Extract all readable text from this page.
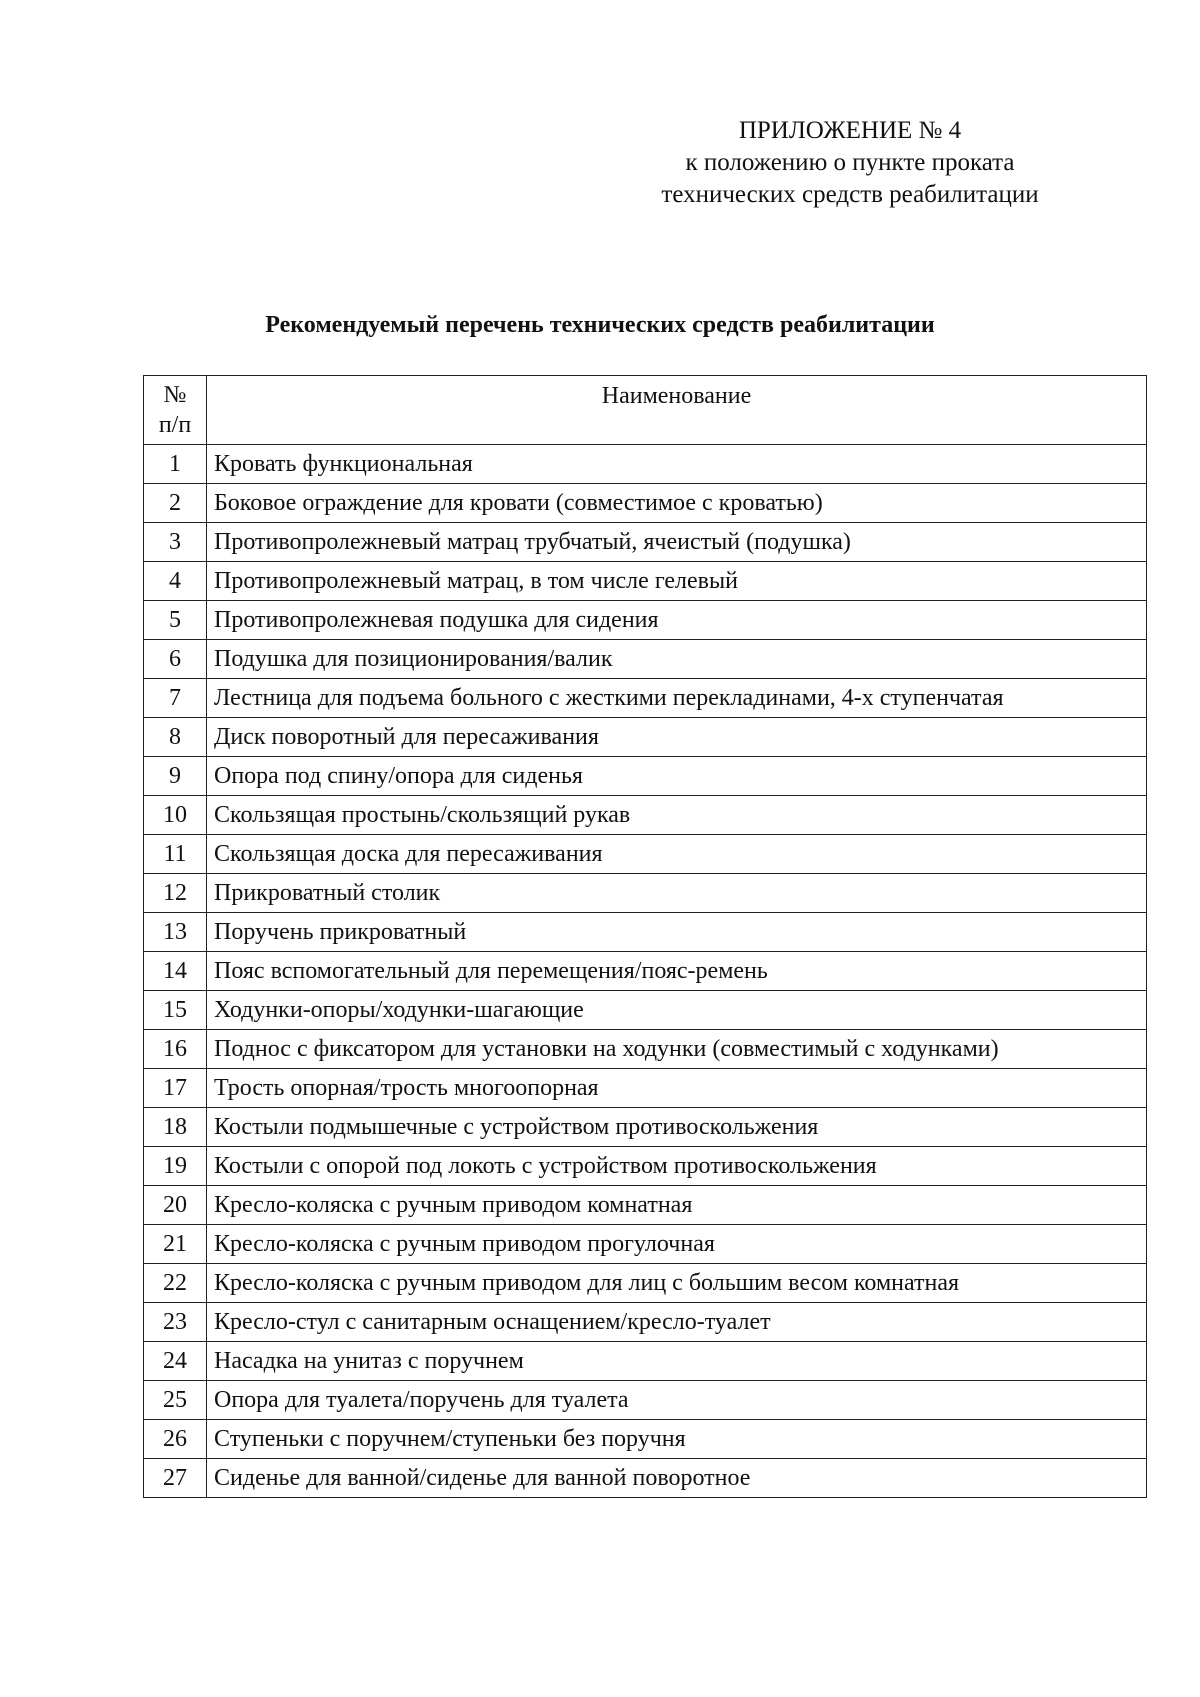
ПРИЛОЖЕНИЕ № 4
к положению о пункте проката
технических средств реабилитации
Рекомендуемый перечень технических средств реабилитации
№ п/п	Наименование
1	Кровать функциональная
2	Боковое ограждение для кровати (совместимое с кроватью)
3	Противопролежневый матрац трубчатый, ячеистый (подушка)
4	Противопролежневый матрац, в том числе гелевый
5	Противопролежневая подушка для сидения
6	Подушка для позиционирования/валик
7	Лестница для подъема больного с жесткими перекладинами, 4-х ступенчатая
8	Диск поворотный для пересаживания
9	Опора под спину/опора для сиденья
10	Скользящая простынь/скользящий рукав
11	Скользящая доска для пересаживания
12	Прикроватный столик
13	Поручень прикроватный
14	Пояс вспомогательный для перемещения/пояс-ремень
15	Ходунки-опоры/ходунки-шагающие
16	Поднос с фиксатором для установки на ходунки (совместимый с ходунками)
17	Трость опорная/трость многоопорная
18	Костыли подмышечные с устройством противоскольжения
19	Костыли с опорой под локоть с устройством противоскольжения
20	Кресло-коляска с ручным приводом комнатная
21	Кресло-коляска с ручным приводом прогулочная
22	Кресло-коляска с ручным приводом для лиц с большим весом комнатная
23	Кресло-стул с санитарным оснащением/кресло-туалет
24	Насадка на унитаз с поручнем
25	Опора для туалета/поручень для туалета
26	Ступеньки с поручнем/ступеньки без поручня
27	Сиденье для ванной/сиденье для ванной поворотное
